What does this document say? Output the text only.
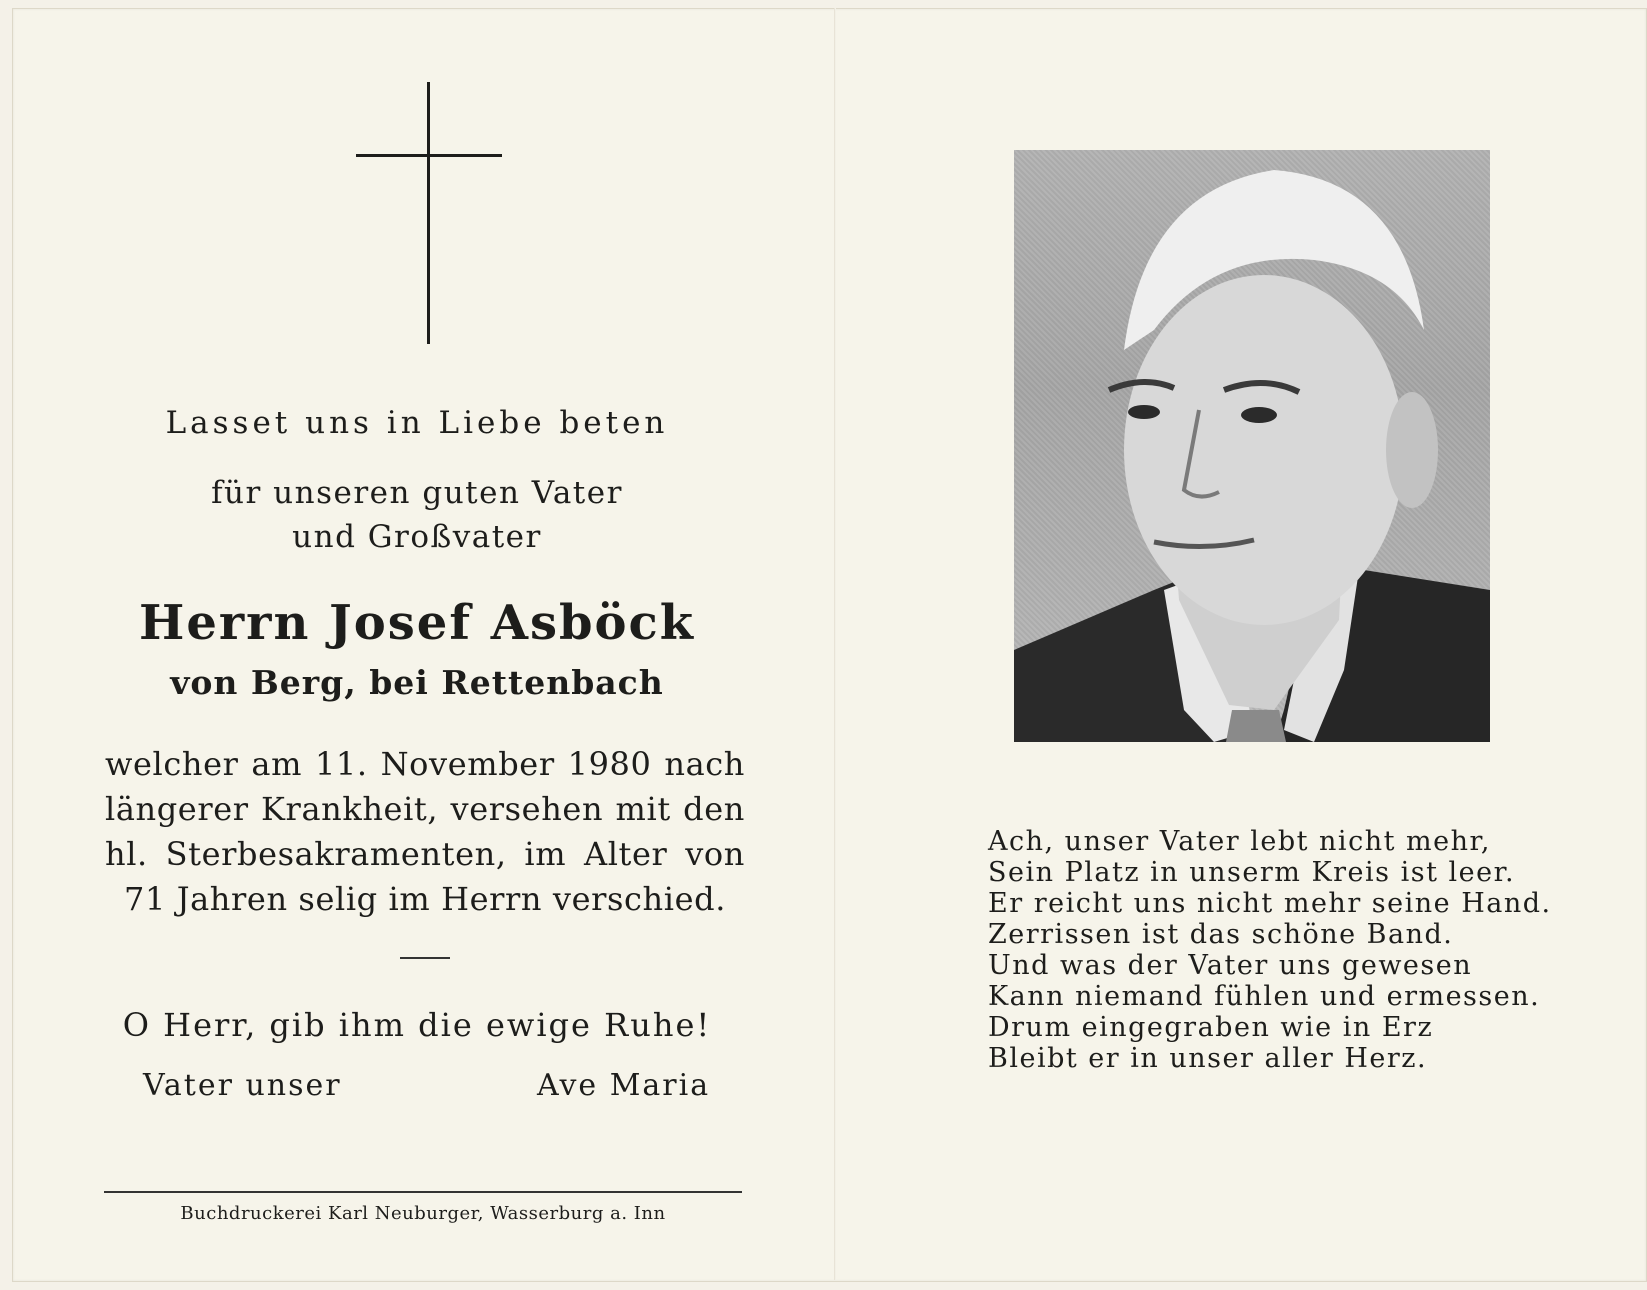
Lasset uns in Liebe beten
für unseren guten Vater
und Großvater
Herrn Josef Asböck
von Berg, bei Rettenbach
welcher am 11. November 1980 nach
längerer Krankheit, versehen mit den
hl. Sterbesakramenten, im Alter von
71 Jahren selig im Herrn verschied.
O Herr, gib ihm die ewige Ruhe!
Vater unser	Ave Maria
Buchdruckerei Karl Neuburger, Wasserburg a. Inn
Ach, unser Vater lebt nicht mehr,
Sein Platz in unserm Kreis ist leer.
Er reicht uns nicht mehr seine Hand.
Zerrissen ist das schöne Band.
Und was der Vater uns gewesen
Kann niemand fühlen und ermessen.
Drum eingegraben wie in Erz
Bleibt er in unser aller Herz.
